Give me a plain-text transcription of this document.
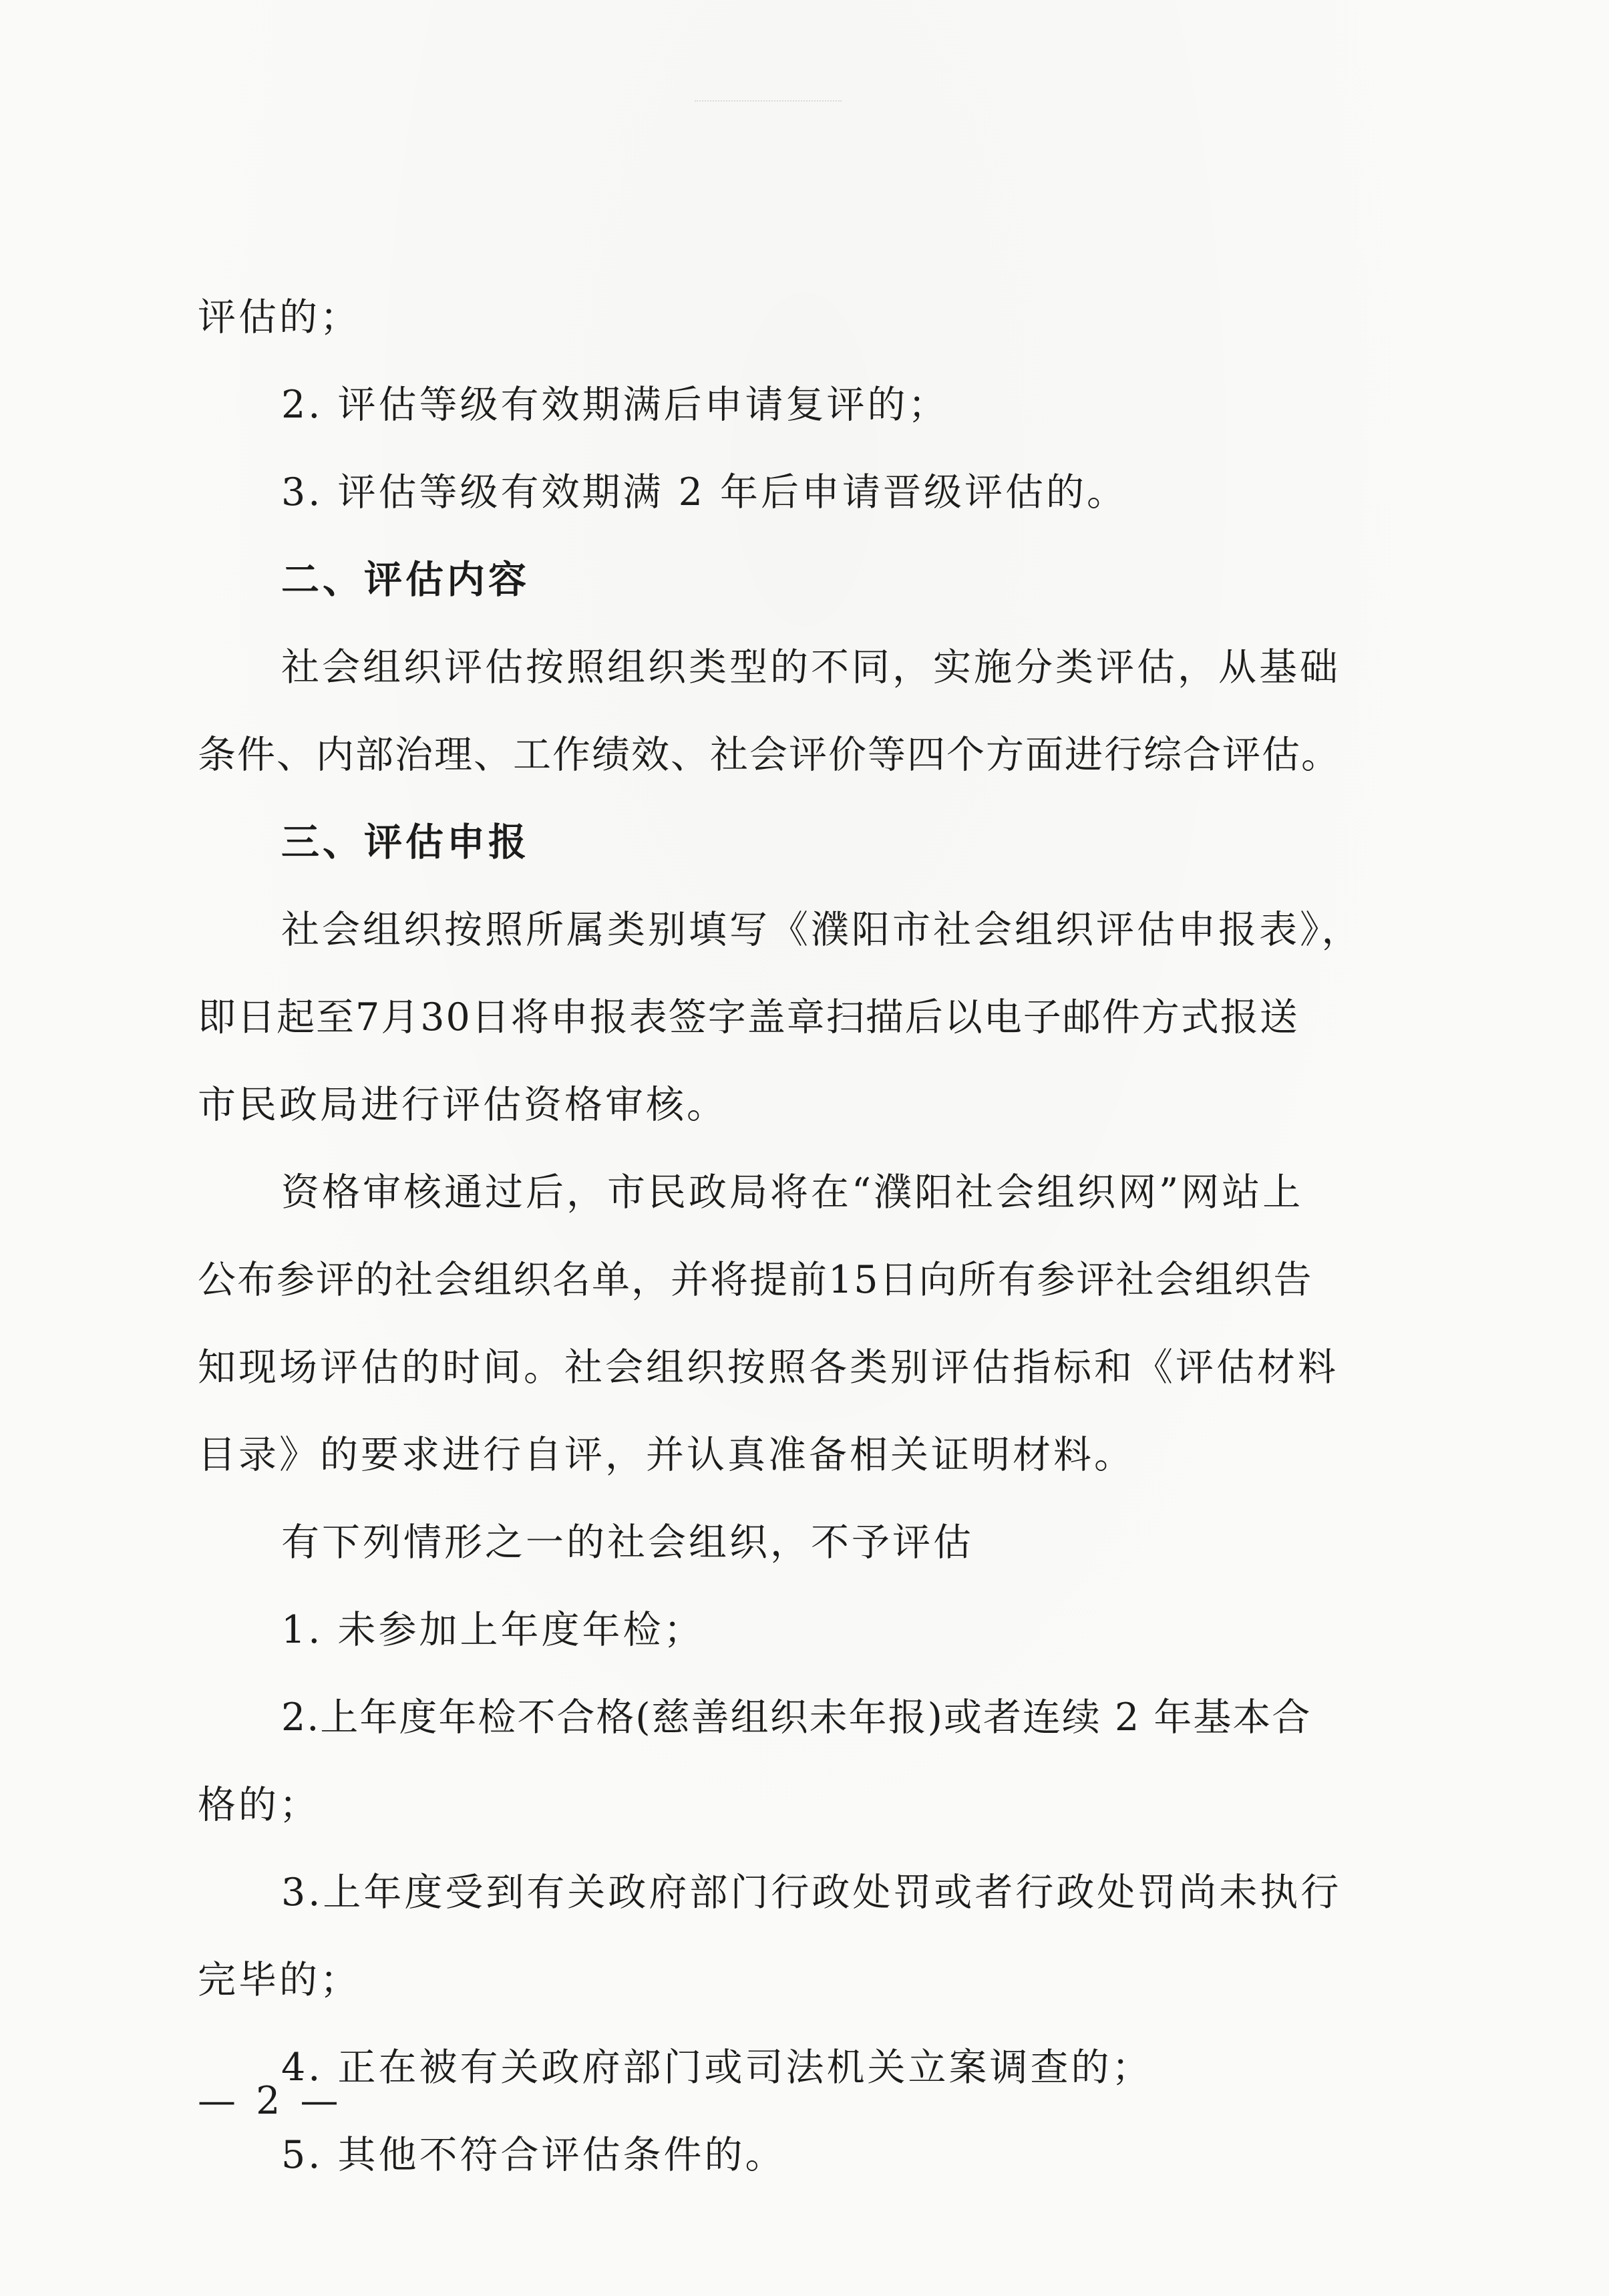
评估的；
2. 评估等级有效期满后申请复评的；
3. 评估等级有效期满 2 年后申请晋级评估的。
二、评估内容
社会组织评估按照组织类型的不同，实施分类评估，从基础
条件、内部治理、工作绩效、社会评价等四个方面进行综合评估。
三、评估申报
社会组织按照所属类别填写《濮阳市社会组织评估申报表》，
即日起至7月30日将申报表签字盖章扫描后以电子邮件方式报送
市民政局进行评估资格审核。
资格审核通过后，市民政局将在“濮阳社会组织网”网站上
公布参评的社会组织名单，并将提前15日向所有参评社会组织告
知现场评估的时间。社会组织按照各类别评估指标和《评估材料
目录》的要求进行自评，并认真准备相关证明材料。
有下列情形之一的社会组织，不予评估
1. 未参加上年度年检；
2.上年度年检不合格(慈善组织未年报)或者连续 2 年基本合
格的；
3.上年度受到有关政府部门行政处罚或者行政处罚尚未执行
完毕的；
4. 正在被有关政府部门或司法机关立案调查的；
5. 其他不符合评估条件的。
— 2 —
